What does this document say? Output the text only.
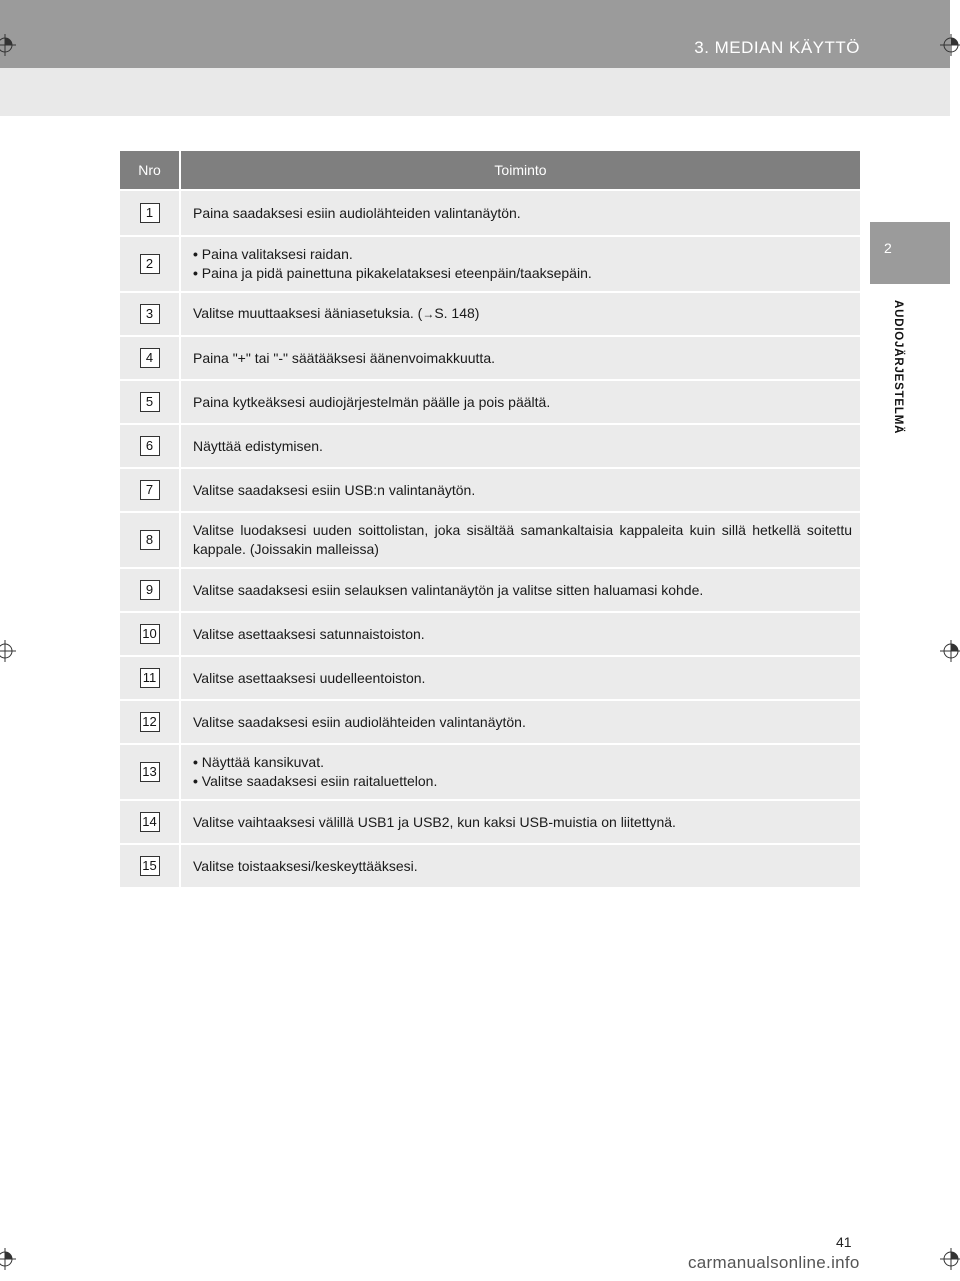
3. MEDIAN KÄYTTÖ
2
AUDIOJÄRJESTELMÄ
Nro	Toiminto
1	Paina saadaksesi esiin audiolähteiden valintanäytön.
2	• Paina valitaksesi raidan.
• Paina ja pidä painettuna pikakelataksesi eteenpäin/taaksepäin.

3	Valitse muuttaaksesi ääniasetuksia. (→S. 148)
4	Paina "+" tai "-" säätääksesi äänenvoimakkuutta.
5	Paina kytkeäksesi audiojärjestelmän päälle ja pois päältä.
6	Näyttää edistymisen.
7	Valitse saadaksesi esiin USB:n valintanäytön.
8	Valitse luodaksesi uuden soittolistan, joka sisältää samankaltaisia kappaleita kuin sillä hetkellä soitettu kappale. (Joissakin malleissa)
9	Valitse saadaksesi esiin selauksen valintanäytön ja valitse sitten haluamasi kohde.
10	Valitse asettaaksesi satunnaistoiston.
11	Valitse asettaaksesi uudelleentoiston.
12	Valitse saadaksesi esiin audiolähteiden valintanäytön.
13	• Näyttää kansikuvat.
• Valitse saadaksesi esiin raitaluettelon.

14	Valitse vaihtaaksesi välillä USB1 ja USB2, kun kaksi USB-muistia on liitettynä.
15	Valitse toistaaksesi/keskeyttääksesi.
41
carmanualsonline.info
